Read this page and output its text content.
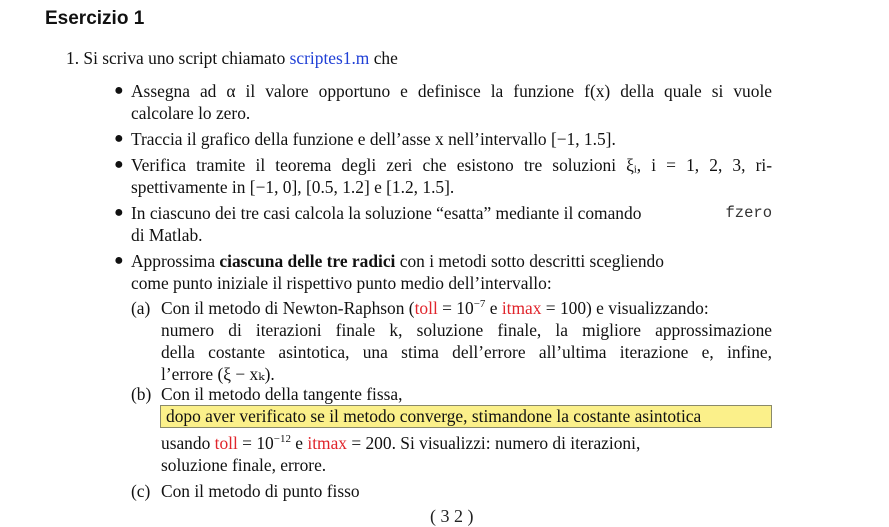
Esercizio 1
1. Si scriva uno script chiamato scriptes1.m che
● Assegna ad α il valore opportuno e definisce la funzione f(x) della quale si vuole
calcolare lo zero.
● Traccia il grafico della funzione e dell’asse x nell’intervallo [−1, 1.5].
● Verifica tramite il teorema degli zeri che esistono tre soluzioni ξᵢ, i = 1, 2, 3, ri-
spettivamente in [−1, 0], [0.5, 1.2] e [1.2, 1.5].
● In ciascuno dei tre casi calcola la soluzione “esatta” mediante il comando	fzero
di Matlab.
● Approssima ciascuna delle tre radici con i metodi sotto descritti scegliendo
come punto iniziale il rispettivo punto medio dell’intervallo:
(a) Con il metodo di Newton-Raphson (toll = $10^{-7}$ e itmax = 100) e visualizzando:
numero di iterazioni finale k, soluzione finale, la migliore approssimazione
della costante asintotica, una stima dell’errore all’ultima iterazione e, infine,
l’errore (ξ − xₖ).
(b) Con il metodo della tangente fissa,
dopo aver verificato se il metodo converge, stimandone la costante asintotica
usando toll = $10^{-12}$ e itmax = 200. Si visualizzi: numero di iterazioni,
soluzione finale, errore.
(c) Con il metodo di punto fisso
( 3 2 )
